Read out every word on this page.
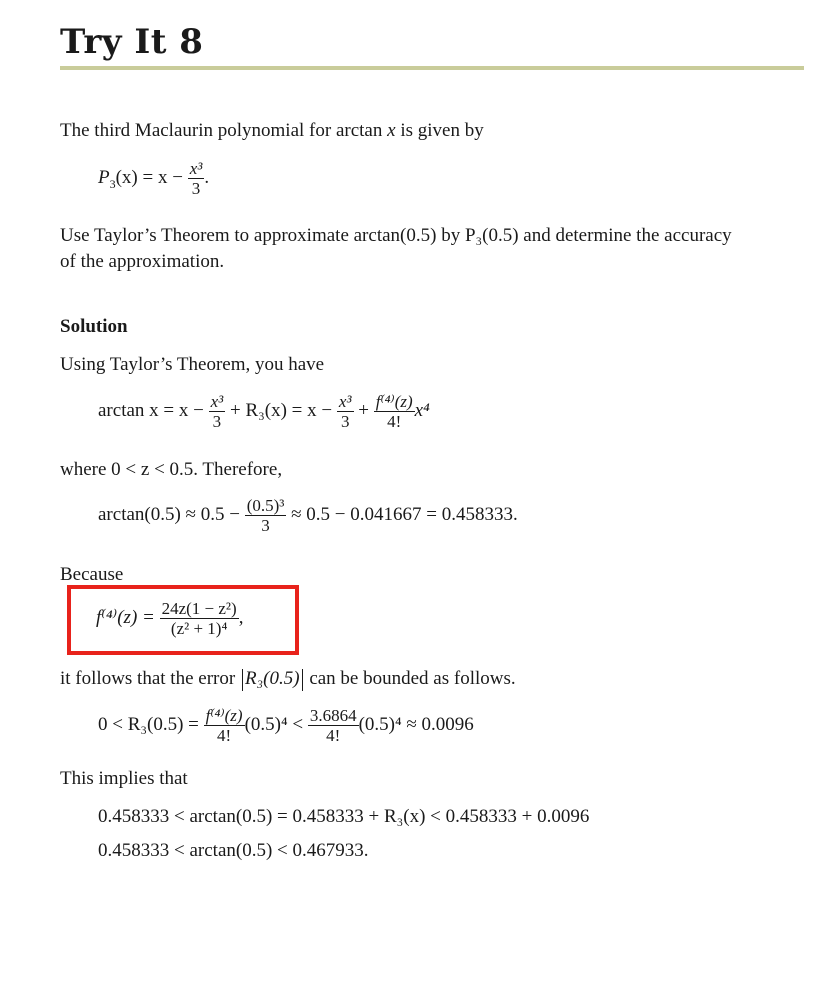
Try It 8
The third Maclaurin polynomial for arctan x is given by
$P_3(x) = x - \frac{\text{x³}}{3}$ .
Use Taylor’s Theorem to approximate arctan(0.5) by P₃(0.5) and determine the accuracy
of the approximation.
Solution
Using Taylor’s Theorem, you have
$\arctan x = x - \frac{\text{x³}}{3} + R_3(x) = x - \frac{\text{x³}}{3} + \frac{\text{f⁽⁴⁾(z)}}{4!} x^4$
where 0 < z < 0.5. Therefore,
$\arctan(0.5) \approx 0.5 - \frac{\text{(0.5)³}}{3} \approx 0.5 - 0.041667 = 0.458333$.
Because
$f^{(4)}(z) = \frac{\text{24z(1 − z²)}}{\text{(z² + 1)⁴}}$ ,
it follows that the error R₃(0.5) can be bounded as follows.
$0 < R_3(0.5) = \frac{\text{f⁽⁴⁾(z)}}{4!} (0.5)^4 < \frac{3.6864}{4!} (0.5)^4 \approx 0.0096$
This implies that
0.458333 < arctan(0.5) = 0.458333 + R₃(x) < 0.458333 + 0.0096
0.458333 < arctan(0.5) < 0.467933.
